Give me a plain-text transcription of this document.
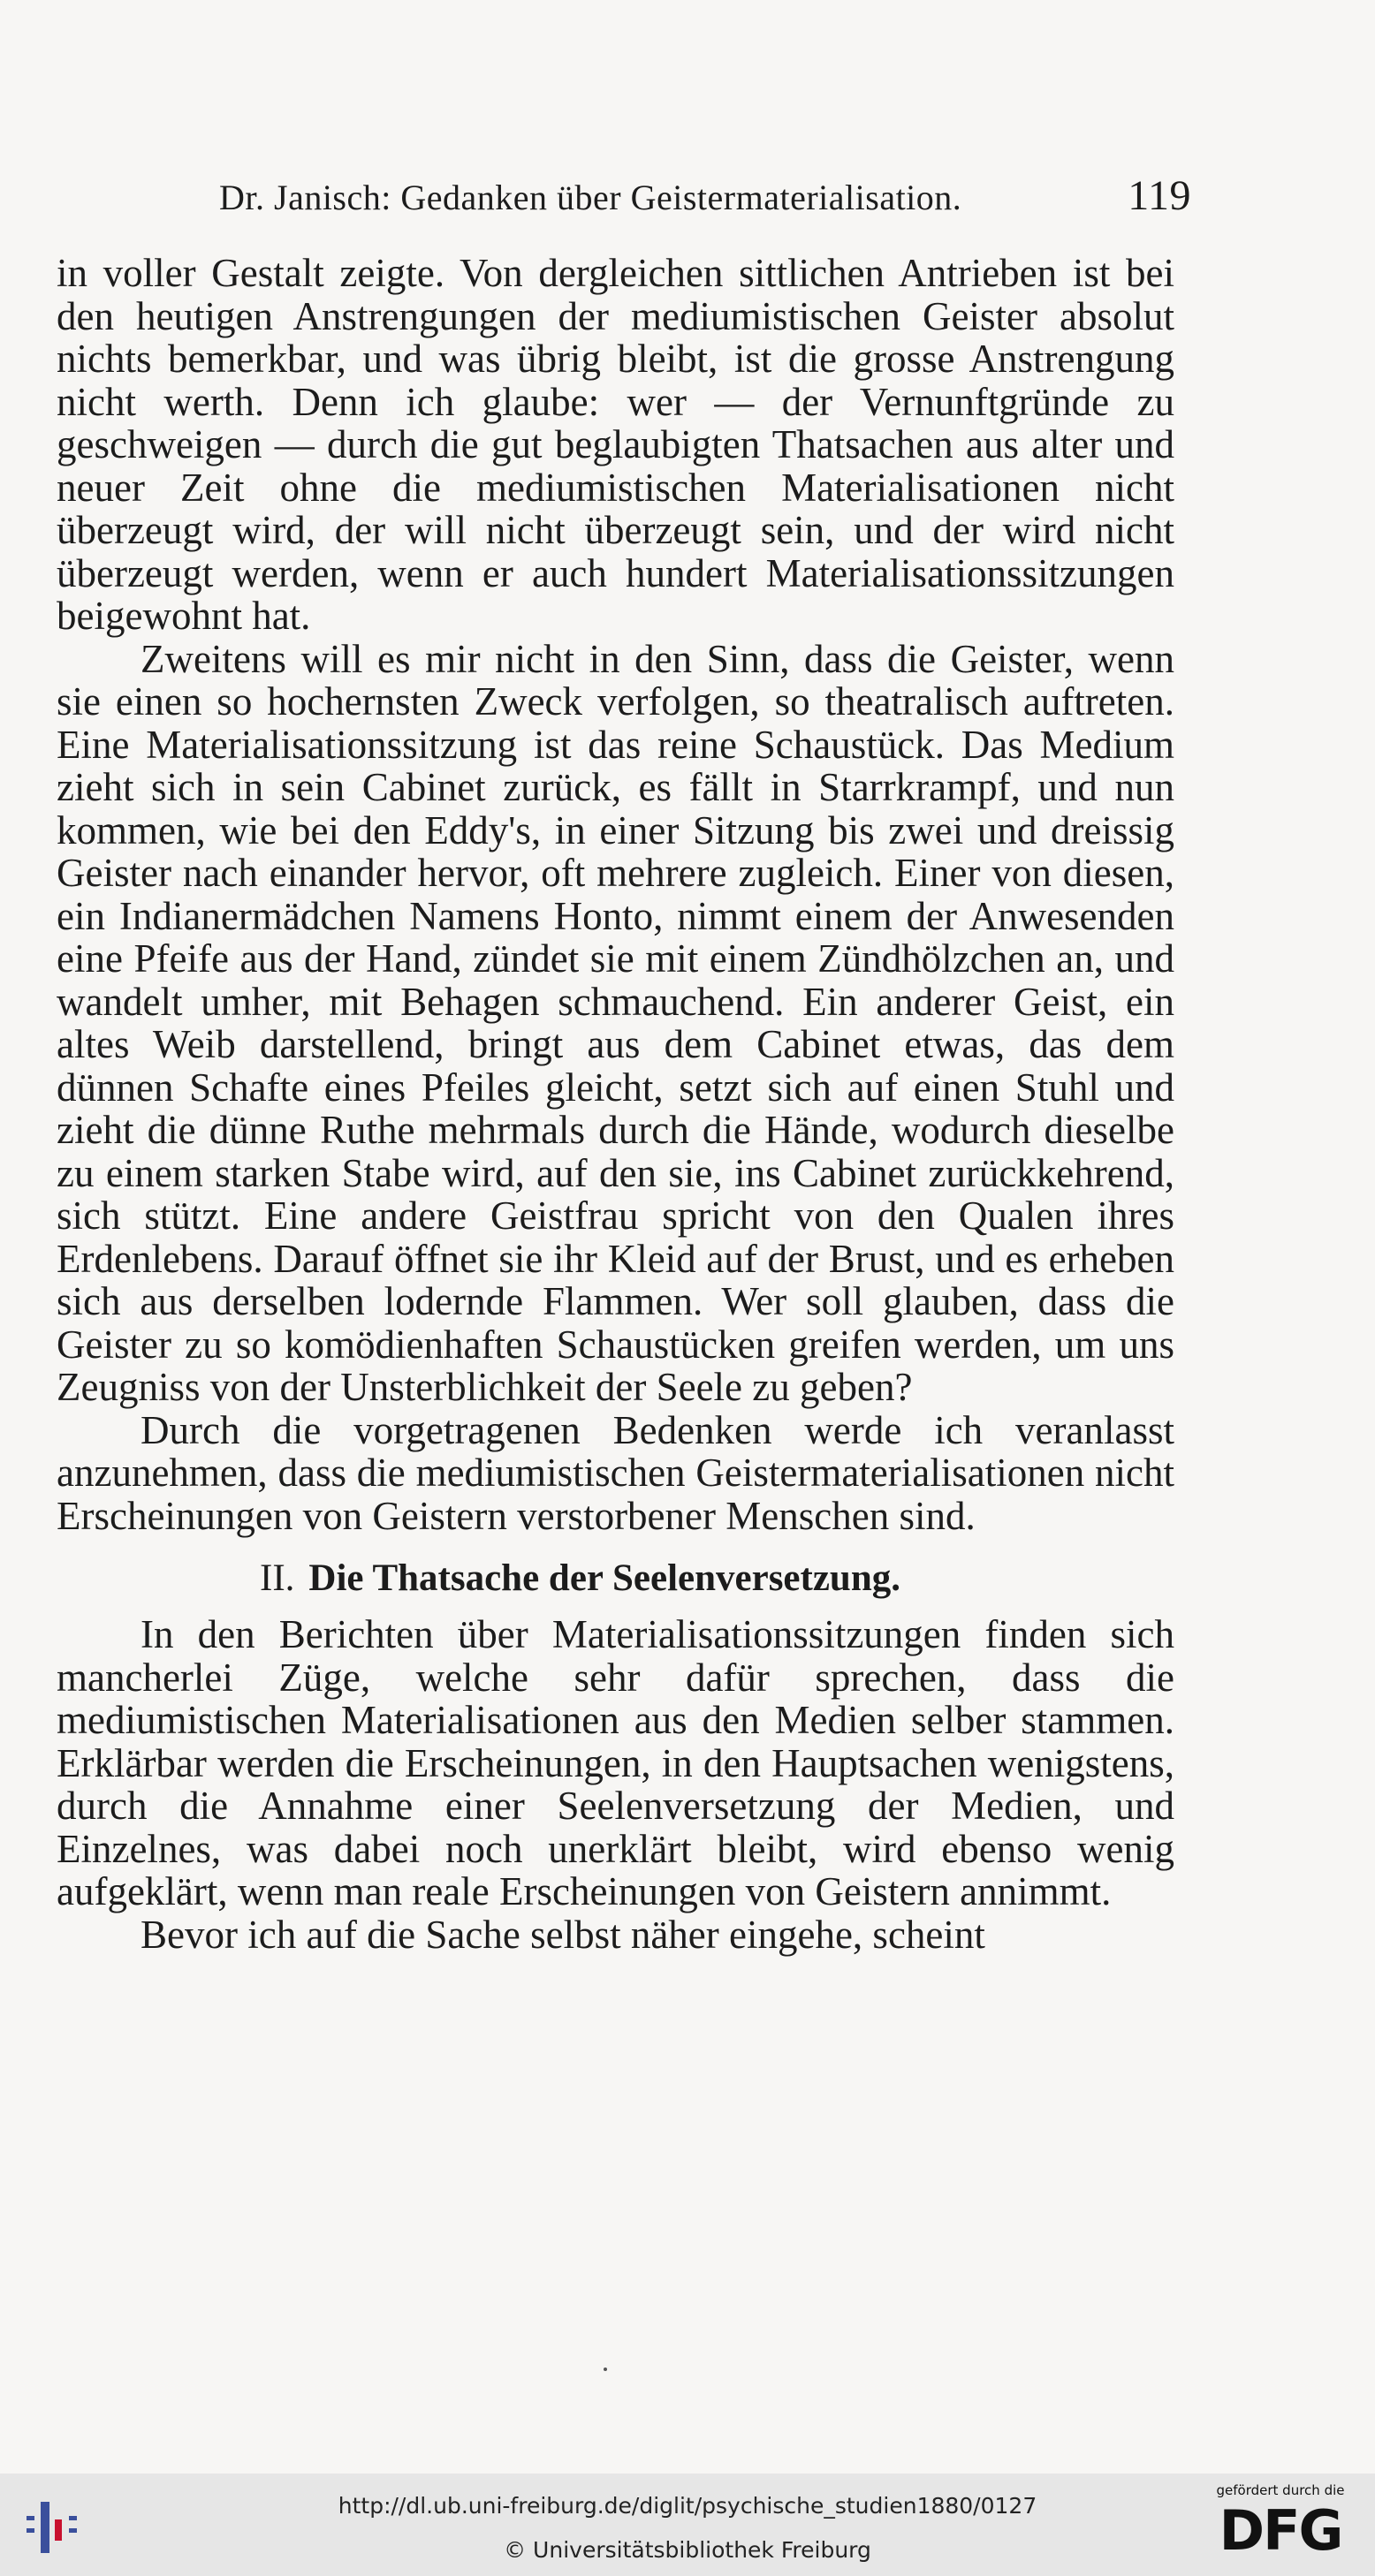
Dr. Janisch: Gedanken über Geistermaterialisation.	119

in voller Gestalt zeigte. Von dergleichen sittlichen Antrieben ist bei den heutigen Anstrengungen der mediumistischen Geister absolut nichts bemerkbar, und was übrig bleibt, ist die grosse Anstrengung nicht werth. Denn ich glaube: wer — der Vernunftgründe zu geschweigen — durch die gut beglaubigten Thatsachen aus alter und neuer Zeit ohne die mediumistischen Materialisationen nicht überzeugt wird, der will nicht überzeugt sein, und der wird nicht überzeugt werden, wenn er auch hundert Materialisationssitzungen beigewohnt hat.

Zweitens will es mir nicht in den Sinn, dass die Geister, wenn sie einen so hochernsten Zweck verfolgen, so theatralisch auftreten. Eine Materialisationssitzung ist das reine Schaustück. Das Medium zieht sich in sein Cabinet zurück, es fällt in Starrkrampf, und nun kommen, wie bei den Eddy's, in einer Sitzung bis zwei und dreissig Geister nach einander hervor, oft mehrere zugleich. Einer von diesen, ein Indianermädchen Namens Honto, nimmt einem der Anwesenden eine Pfeife aus der Hand, zündet sie mit einem Zündhölzchen an, und wandelt umher, mit Behagen schmauchend. Ein anderer Geist, ein altes Weib darstellend, bringt aus dem Cabinet etwas, das dem dünnen Schafte eines Pfeiles gleicht, setzt sich auf einen Stuhl und zieht die dünne Ruthe mehrmals durch die Hände, wodurch dieselbe zu einem starken Stabe wird, auf den sie, ins Cabinet zurückkehrend, sich stützt. Eine andere Geistfrau spricht von den Qualen ihres Erdenlebens. Darauf öffnet sie ihr Kleid auf der Brust, und es erheben sich aus derselben lodernde Flammen. Wer soll glauben, dass die Geister zu so komödienhaften Schaustücken greifen werden, um uns Zeugniss von der Unsterblichkeit der Seele zu geben?

Durch die vorgetragenen Bedenken werde ich veranlasst anzunehmen, dass die mediumistischen Geistermaterialisationen nicht Erscheinungen von Geistern verstorbener Menschen sind.

II. Die Thatsache der Seelenversetzung.

In den Berichten über Materialisationssitzungen finden sich mancherlei Züge, welche sehr dafür sprechen, dass die mediumistischen Materialisationen aus den Medien selber stammen. Erklärbar werden die Erscheinungen, in den Hauptsachen wenigstens, durch die Annahme einer Seelenversetzung der Medien, und Einzelnes, was dabei noch unerklärt bleibt, wird ebenso wenig aufgeklärt, wenn man reale Erscheinungen von Geistern annimmt.

Bevor ich auf die Sache selbst näher eingehe, scheint

http://dl.ub.uni-freiburg.de/diglit/psychische_studien1880/0127
© Universitätsbibliothek Freiburg
gefördert durch die
DFG
